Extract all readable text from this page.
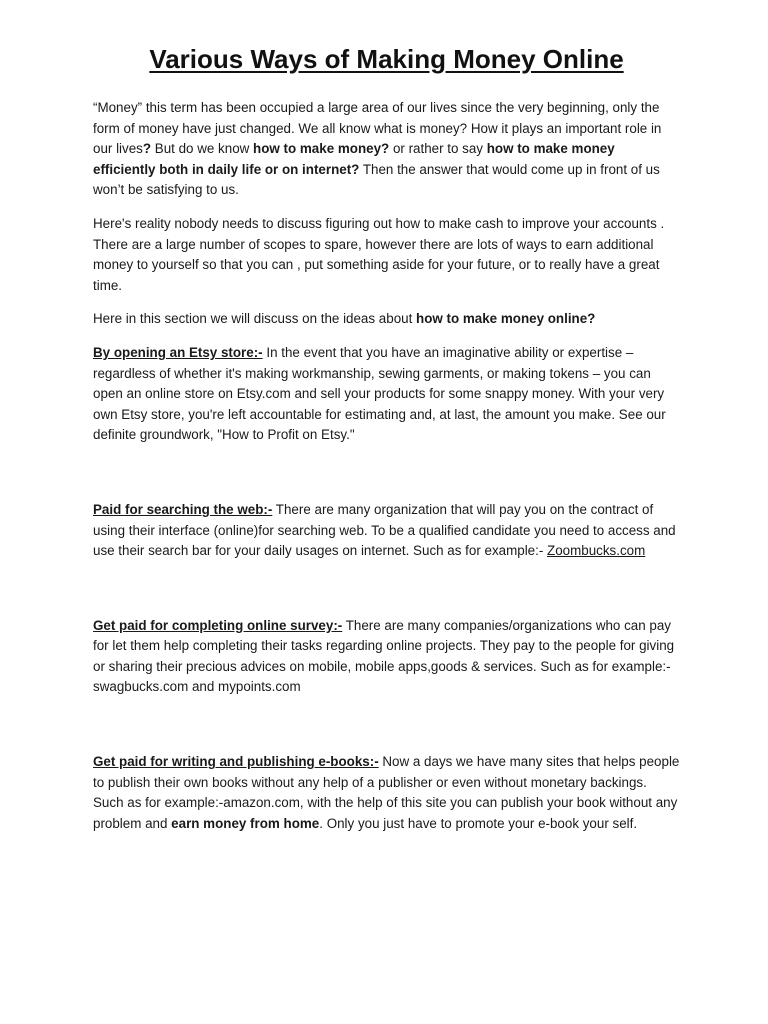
Various Ways of Making Money Online

“Money” this term has been occupied a large area of our lives since the very beginning, only the form of money have just changed. We all know what is money? How it plays an important role in our lives? But do we know how to make money? or rather to say how to make money efficiently both in daily life or on internet? Then the answer that would come up in front of us won’t be satisfying to us.

Here's reality nobody needs to discuss figuring out how to make cash to improve your accounts . There are a large number of scopes to spare, however there are lots of ways to earn additional money to yourself so that you can , put something aside for your future, or to really have a great time.

Here in this section we will discuss on the ideas about how to make money online?

By opening an Etsy store:- In the event that you have an imaginative ability or expertise – regardless of whether it's making workmanship, sewing garments, or making tokens – you can open an online store on Etsy.com and sell your products for some snappy money. With your very own Etsy store, you're left accountable for estimating and, at last, the amount you make. See our definite groundwork, "How to Profit on Etsy."

Paid for searching the web:- There are many organization that will pay you on the contract of using their interface (online)for searching web. To be a qualified candidate you need to access and use their search bar for your daily usages on internet. Such as for example:- Zoombucks.com

Get paid for completing online survey:- There are many companies/organizations who can pay for let them help completing their tasks regarding online projects. They pay to the people for giving or sharing their precious advices on mobile, mobile apps,goods & services. Such as for example:- swagbucks.com and mypoints.com

Get paid for writing and publishing e-books:- Now a days we have many sites that helps people to publish their own books without any help of a publisher or even without monetary backings. Such as for example:-amazon.com, with the help of this site you can publish your book without any problem and earn money from home. Only you just have to promote your e-book your self.
